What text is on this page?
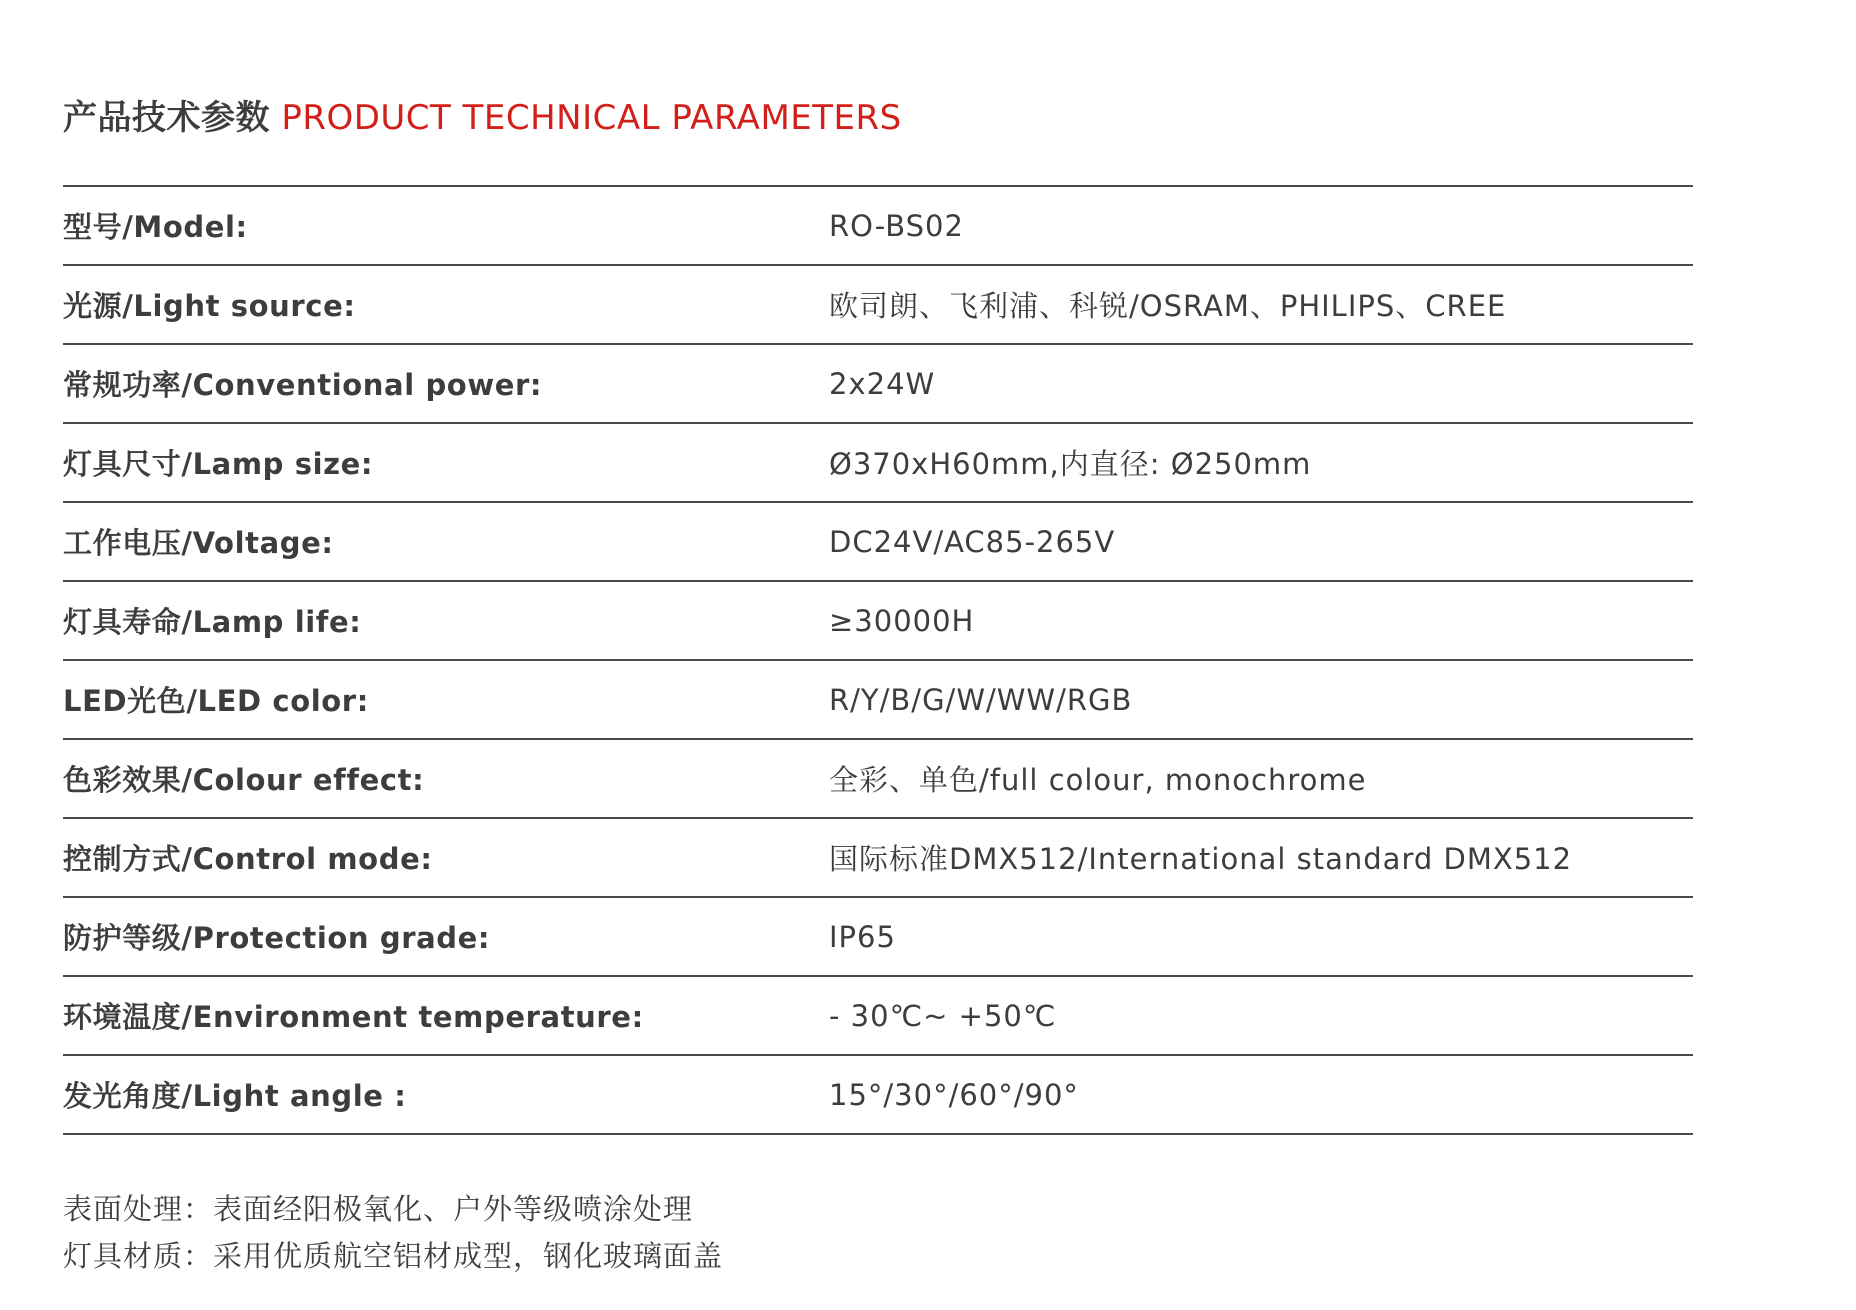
产品技术参数 PRODUCT TECHNICAL PARAMETERS
型号/Model:	RO-BS02
光源/Light source:	欧司朗、飞利浦、科锐/OSRAM、PHILIPS、CREE
常规功率/Conventional power:	2x24W
灯具尺寸/Lamp size:	Ø370xH60mm,内直径: Ø250mm
工作电压/Voltage:	DC24V/AC85-265V
灯具寿命/Lamp life:	≥30000H
LED光色/LED color:	R/Y/B/G/W/WW/RGB
色彩效果/Colour effect:	全彩、单色/full colour, monochrome
控制方式/Control mode:	国际标准DMX512/International standard DMX512
防护等级/Protection grade:	IP65
环境温度/Environment temperature:	- 30℃~ +50℃
发光角度/Light angle :	15°/30°/60°/90°
表面处理：表面经阳极氧化、户外等级喷涂处理
灯具材质：采用优质航空铝材成型，钢化玻璃面盖
